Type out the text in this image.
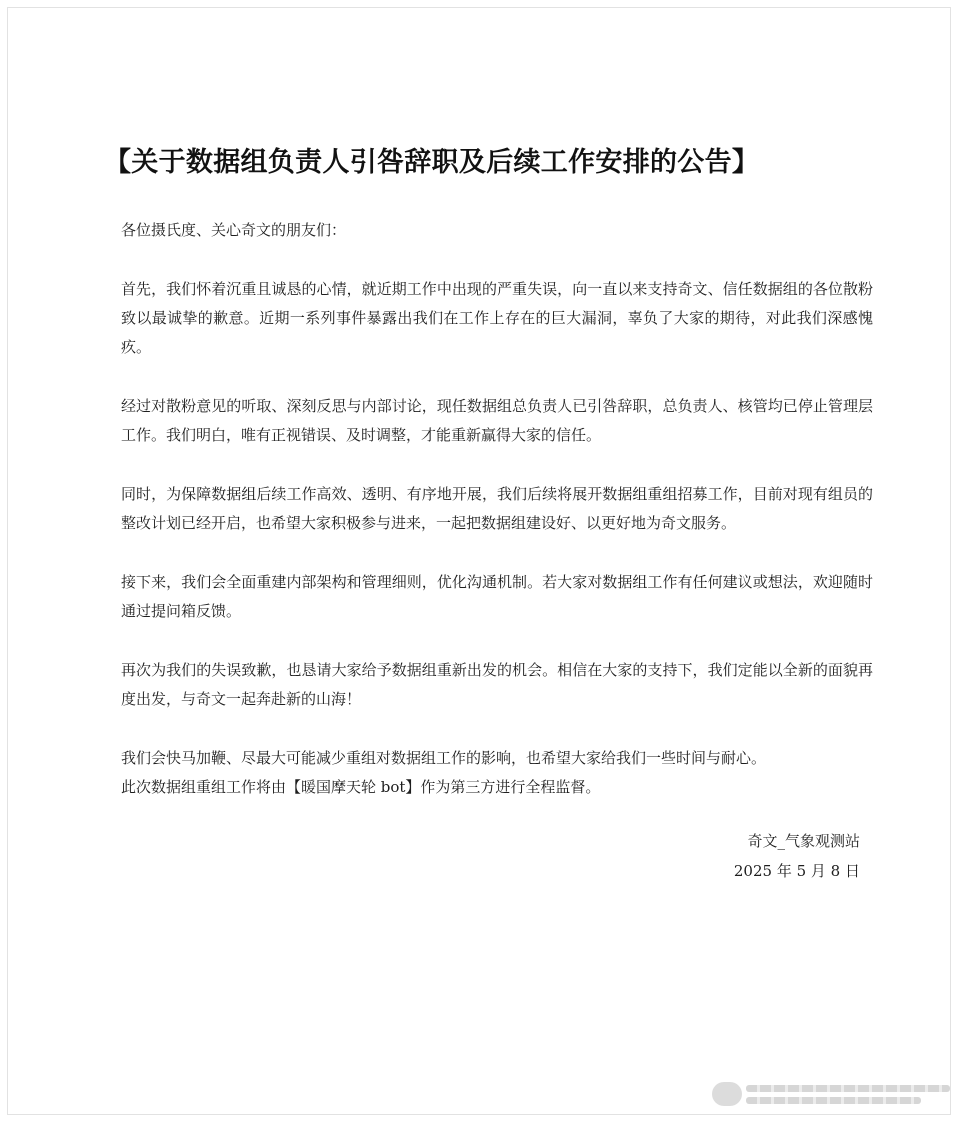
【关于数据组负责人引咎辞职及后续工作安排的公告】

各位摄氏度、关心奇文的朋友们：

首先，我们怀着沉重且诚恳的心情，就近期工作中出现的严重失误，向一直以来支持奇文、信任数据组的各位散粉致以最诚挚的歉意。近期一系列事件暴露出我们在工作上存在的巨大漏洞，辜负了大家的期待，对此我们深感愧疚。

经过对散粉意见的听取、深刻反思与内部讨论，现任数据组总负责人已引咎辞职，总负责人、核管均已停止管理层工作。我们明白，唯有正视错误、及时调整，才能重新赢得大家的信任。

同时，为保障数据组后续工作高效、透明、有序地开展，我们后续将展开数据组重组招募工作，目前对现有组员的整改计划已经开启，也希望大家积极参与进来，一起把数据组建设好、以更好地为奇文服务。

接下来，我们会全面重建内部架构和管理细则，优化沟通机制。若大家对数据组工作有任何建议或想法，欢迎随时通过提问箱反馈。

再次为我们的失误致歉，也恳请大家给予数据组重新出发的机会。相信在大家的支持下，我们定能以全新的面貌再度出发，与奇文一起奔赴新的山海！

我们会快马加鞭、尽最大可能减少重组对数据组工作的影响，也希望大家给我们一些时间与耐心。

此次数据组重组工作将由【暖国摩天轮 bot】作为第三方进行全程监督。

奇文_气象观测站
2025 年 5 月 8 日
